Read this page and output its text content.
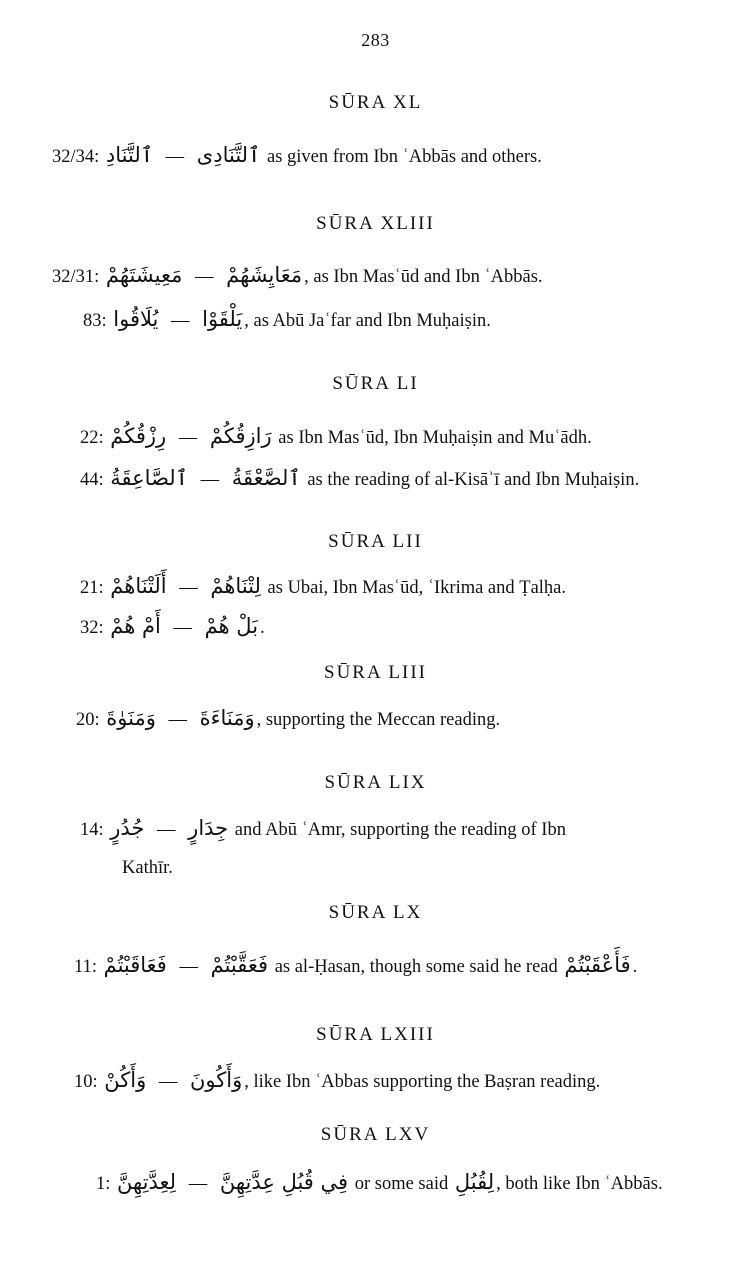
283
SŪRA XL
32/34: ٱلتَّنَادِ — ٱلتَّنَادِى as given from Ibn ʿAbbās and others.
SŪRA XLIII
32/31: مَعِيشَتَهُمْ — مَعَايِشَهُمْ , as Ibn Masʿūd and Ibn ʿAbbās.
83: يُلَاقُوا — يَلْقَوْا , as Abū Jaʿfar and Ibn Muḥaiṣin.
SŪRA LI
22: رِزْقُكُمْ — رَازِقُكُمْ as Ibn Masʿūd, Ibn Muḥaiṣin and Muʿādh.
44: ٱلصَّاعِقَةُ — ٱلصَّعْقَةُ as the reading of al-Kisāʾī and Ibn Muḥaiṣin.
SŪRA LII
21: أَلَتْنَاهُمْ — لِتْنَاهُمْ as Ubai, Ibn Masʿūd, ʿIkrima and Ṭalḥa.
32: أَمْ هُمْ — بَلْ هُمْ .
SŪRA LIII
20: وَمَنَوٰةَ — وَمَنَاءَةَ , supporting the Meccan reading.
SŪRA LIX
14: جُدُرٍ — جِدَارٍ and Abū ʿAmr, supporting the reading of Ibn
Kathīr.
SŪRA LX
11: فَعَاقَبْتُمْ — فَعَقَّبْتُمْ as al-Ḥasan, though some said he read فَأَعْقَبْتُمْ .
SŪRA LXIII
10: وَأَكُنْ — وَأَكُونَ , like Ibn ʿAbbas supporting the Baṣran reading.
SŪRA LXV
1: لِعِدَّتِهِنَّ — فِي قُبُلِ عِدَّتِهِنَّ or some said لِقُبُلِ , both like Ibn ʿAbbās.
